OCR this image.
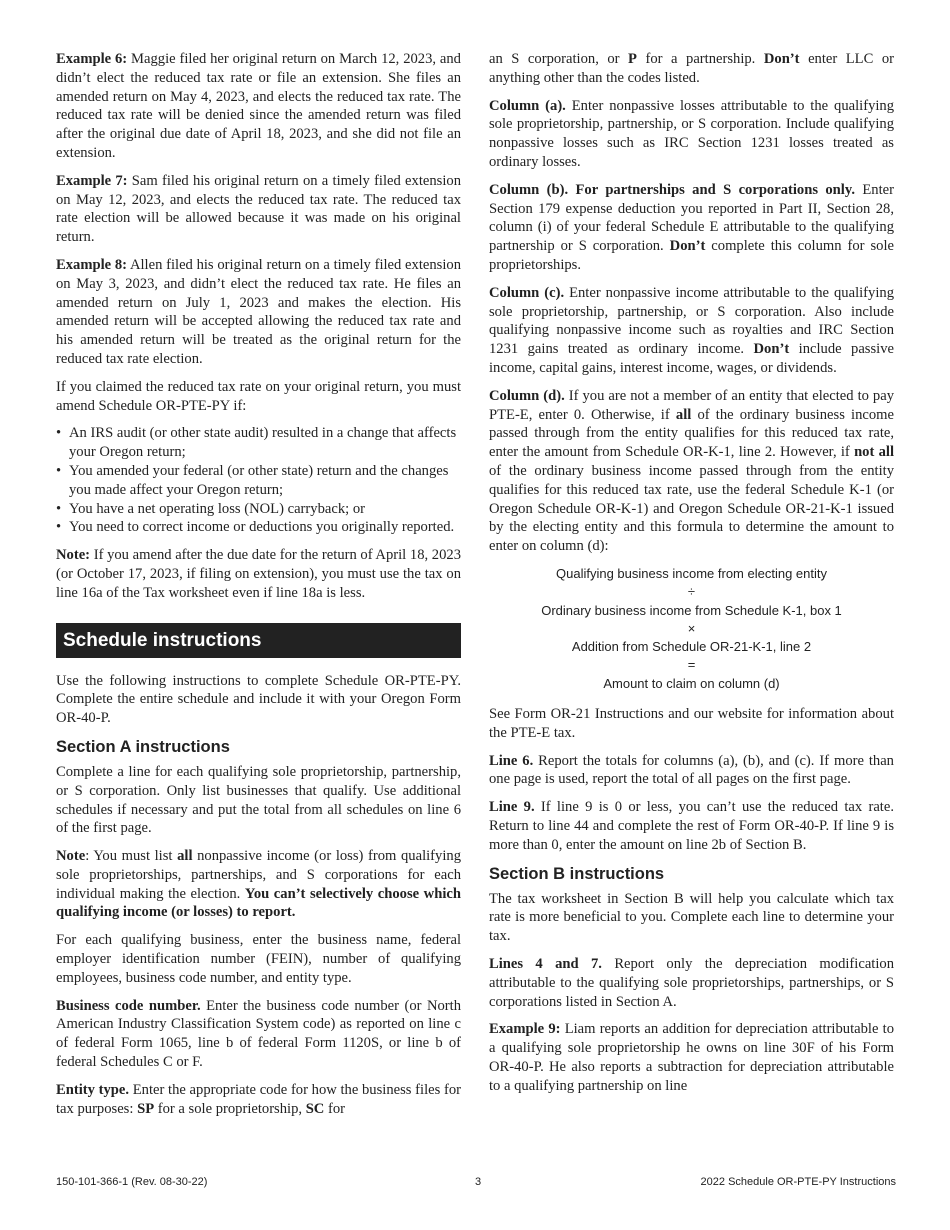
Example 6: Maggie filed her original return on March 12, 2023, and didn’t elect the reduced tax rate or file an extension. She files an amended return on May 4, 2023, and elects the reduced tax rate. The reduced tax rate will be denied since the amended return was filed after the original due date of April 18, 2023, and she did not file an extension.

Example 7: Sam filed his original return on a timely filed extension on May 12, 2023, and elects the reduced tax rate. The reduced tax rate election will be allowed because it was made on his original return.

Example 8: Allen filed his original return on a timely filed extension on May 3, 2023, and didn’t elect the reduced tax rate. He files an amended return on July 1, 2023 and makes the election. His amended return will be accepted allowing the reduced tax rate and his amended return will be treated as the original return for the reduced tax rate election.

If you claimed the reduced tax rate on your original return, you must amend Schedule OR-PTE-PY if:

• An IRS audit (or other state audit) resulted in a change that affects your Oregon return;
• You amended your federal (or other state) return and the changes you made affect your Oregon return;
• You have a net operating loss (NOL) carryback; or
• You need to correct income or deductions you originally reported.

Note: If you amend after the due date for the return of April 18, 2023 (or October 17, 2023, if filing on extension), you must use the tax on line 16a of the Tax worksheet even if line 18a is less.

Schedule instructions

Use the following instructions to complete Schedule OR-PTE-PY. Complete the entire schedule and include it with your Oregon Form OR-40-P.

Section A instructions

Complete a line for each qualifying sole proprietorship, partnership, or S corporation. Only list businesses that qualify. Use additional schedules if necessary and put the total from all schedules on line 6 of the first page.

Note: You must list all nonpassive income (or loss) from qualifying sole proprietorships, partnerships, and S corporations for each individual making the election. You can’t selectively choose which qualifying income (or losses) to report.

For each qualifying business, enter the business name, federal employer identification number (FEIN), number of qualifying employees, business code number, and entity type.

Business code number. Enter the business code number (or North American Industry Classification System code) as reported on line c of federal Form 1065, line b of federal Form 1120S, or line b of federal Schedules C or F.

Entity type. Enter the appropriate code for how the business files for tax purposes: SP for a sole proprietorship, SC for

an S corporation, or P for a partnership. Don’t enter LLC or anything other than the codes listed.

Column (a). Enter nonpassive losses attributable to the qualifying sole proprietorship, partnership, or S corporation. Include qualifying nonpassive losses such as IRC Section 1231 losses treated as ordinary losses.

Column (b). For partnerships and S corporations only. Enter Section 179 expense deduction you reported in Part II, Section 28, column (i) of your federal Schedule E attributable to the qualifying partnership or S corporation. Don’t complete this column for sole proprietorships.

Column (c). Enter nonpassive income attributable to the qualifying sole proprietorship, partnership, or S corporation. Also include qualifying nonpassive income such as royalties and IRC Section 1231 gains treated as ordinary income. Don’t include passive income, capital gains, interest income, wages, or dividends.

Column (d). If you are not a member of an entity that elected to pay PTE-E, enter 0. Otherwise, if all of the ordinary business income passed through from the entity qualifies for this reduced tax rate, enter the amount from Schedule OR-K-1, line 2. However, if not all of the ordinary business income passed through from the entity qualifies for this reduced tax rate, use the federal Schedule K-1 (or Oregon Schedule OR-K-1) and Oregon Schedule OR-21-K-1 issued by the electing entity and this formula to determine the amount to enter on column (d):

Qualifying business income from electing entity
÷
Ordinary business income from Schedule K-1, box 1
×
Addition from Schedule OR-21-K-1, line 2
=
Amount to claim on column (d)

See Form OR-21 Instructions and our website for information about the PTE-E tax.

Line 6. Report the totals for columns (a), (b), and (c). If more than one page is used, report the total of all pages on the first page.

Line 9. If line 9 is 0 or less, you can’t use the reduced tax rate. Return to line 44 and complete the rest of Form OR-40-P. If line 9 is more than 0, enter the amount on line 2b of Section B.

Section B instructions

The tax worksheet in Section B will help you calculate which tax rate is more beneficial to you. Complete each line to determine your tax.

Lines 4 and 7. Report only the depreciation modification attributable to the qualifying sole proprietorships, partnerships, or S corporations listed in Section A.

Example 9: Liam reports an addition for depreciation attributable to a qualifying sole proprietorship he owns on line 30F of his Form OR-40-P. He also reports a subtraction for depreciation attributable to a qualifying partnership on line

150-101-366-1 (Rev. 08-30-22)	3	2022 Schedule OR-PTE-PY Instructions
